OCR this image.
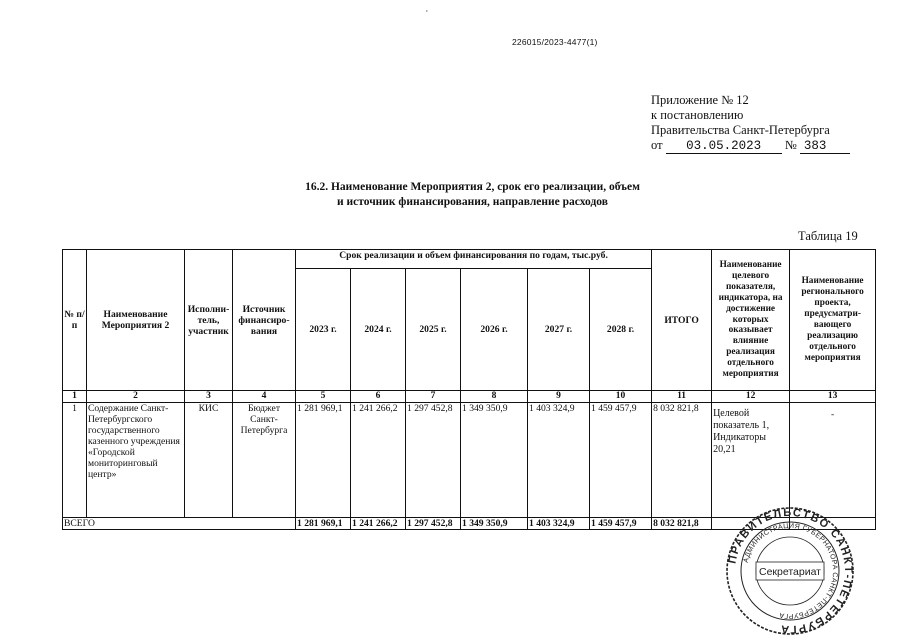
ᶜ
226015/2023-4477(1)
Приложение № 12
к постановлению
Правительства Санкт-Петербурга
от 03.05.2023 № 383
16.2. Наименование Мероприятия 2, срок его реализации, объем
и источник финансирования, направление расходов
Таблица 19
№ п/п	Наименование Мероприятия 2	Исполни-тель, участник	Источник финансиро-вания	Срок реализации и объем финансирования по годам, тыс.руб.						ИТОГО	Наименование целевого показателя, индикатора, на достижение которых оказывает влияние реализация отдельного мероприятия	Наименование регионального проекта, предусматри-вающего реализацию отдельного мероприятия
				2023 г.	2024 г.	2025 г.	2026 г.	2027 г.	2028 г.			
1	2	3	4	5	6	7	8	9	10	11	12	13
1	Содержание Санкт-Петербургского государственного казенного учреждения «Городской мониторинговый центр»	КИС	Бюджет Санкт-Петербурга	1 281 969,1	1 241 266,2	1 297 452,8	1 349 350,9	1 403 324,9	1 459 457,9	8 032 821,8	Целевой показатель 1, Индикаторы 20,21	-
ВСЕГО				1 281 969,1	1 241 266,2	1 297 452,8	1 349 350,9	1 403 324,9	1 459 457,9	8 032 821,8		
ПРАВИТЕЛЬСТВО САНКТ-ПЕТЕРБУРГА
АДМИНИСТРАЦИЯ ГУБЕРНАТОРА САНКТ-ПЕТЕРБУРГА
Секретариат
